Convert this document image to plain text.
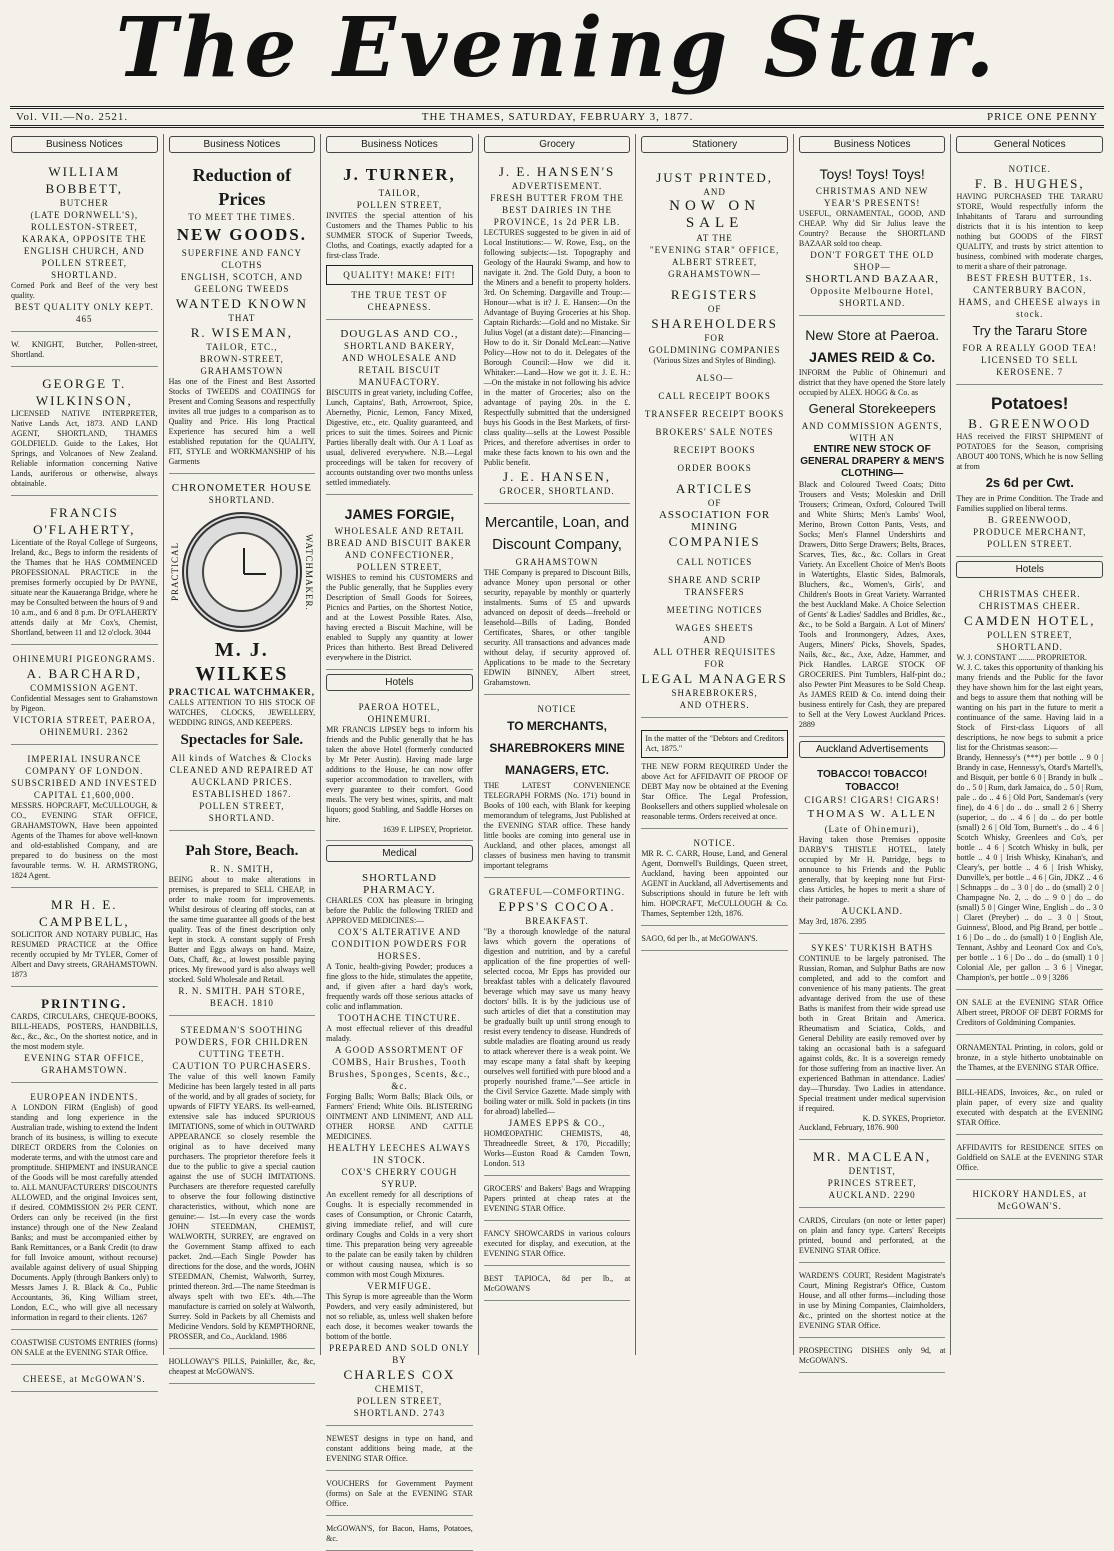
The Evening Star.
Vol. VII.—No. 2521.	THE THAMES, SATURDAY, FEBRUARY 3, 1877.	PRICE ONE PENNY
Business Notices
WILLIAM BOBBETT,
BUTCHER
(LATE DORNWELL'S),
ROLLESTON-STREET, KARAKA, OPPOSITE THE ENGLISH CHURCH, AND POLLEN STREET, SHORTLAND.
Corned Pork and Beef of the very best quality.
BEST QUALITY ONLY KEPT. 465
W. KNIGHT, Butcher, Pollen-street, Shortland.
GEORGE T. WILKINSON,
LICENSED NATIVE INTERPRETER, Native Lands Act, 1873. AND LAND AGENT, SHORTLAND, THAMES GOLDFIELD. Guide to the Lakes, Hot Springs, and Volcanoes of New Zealand. Reliable information concerning Native Lands, auriferous or otherwise, always obtainable.
FRANCIS O'FLAHERTY,
Licentiate of the Royal College of Surgeons, Ireland, &c., Begs to inform the residents of the Thames that he HAS COMMENCED PROFESSIONAL PRACTICE in the premises formerly occupied by Dr PAYNE, situate near the Kauaeranga Bridge, where he may be Consulted between the hours of 9 and 10 a.m., and 6 and 8 p.m. Dr O'FLAHERTY attends daily at Mr Cox's, Chemist, Shortland, between 11 and 12 o'clock. 3044
OHINEMURI PIGEONGRAMS.
A. BARCHARD,
COMMISSION AGENT.
Confidential Messages sent to Grahamstown by Pigeon.
VICTORIA STREET, PAEROA, OHINEMURI. 2362
IMPERIAL INSURANCE COMPANY OF LONDON.
SUBSCRIBED AND INVESTED CAPITAL £1,600,000.
MESSRS. HOPCRAFT, McCULLOUGH, & CO., EVENING STAR OFFICE, GRAHAMSTOWN, Have been appointed Agents of the Thames for above well-known and old-established Company, and are prepared to do business on the most favourable terms. W. H. ARMSTRONG, 1824 Agent.
MR H. E. CAMPBELL,
SOLICITOR AND NOTARY PUBLIC, Has RESUMED PRACTICE at the Office recently occupied by Mr TYLER, Corner of Albert and Davy streets, GRAHAMSTOWN. 1873
PRINTING.
CARDS, CIRCULARS, CHEQUE-BOOKS, BILL-HEADS, POSTERS, HANDBILLS, &c., &c., &c., On the shortest notice, and in the most modern style.
EVENING STAR OFFICE, GRAHAMSTOWN.
EUROPEAN INDENTS.
A LONDON FIRM (English) of good standing and long experience in the Australian trade, wishing to extend the Indent branch of its business, is willing to execute DIRECT ORDERS from the Colonies on moderate terms, and with the utmost care and promptitude. SHIPMENT and INSURANCE of the Goods will be most carefully attended to. ALL MANUFACTURERS' DISCOUNTS ALLOWED, and the original Invoices sent, if desired. COMMISSION 2½ PER CENT. Orders can only be received (in the first instance) through one of the New Zealand Banks; and must be accompanied either by Bank Remittances, or a Bank Credit (to draw for full Invoice amount, without recourse) available against delivery of usual Shipping Documents. Apply (through Bankers only) to Messrs James J. R. Black & Co., Public Accountants, 36, King William street, London, E.C., who will give all necessary information in regard to their clients. 1267
COASTWISE CUSTOMS ENTRIES (forms) ON SALE at the EVENING STAR Office.
CHEESE, at McGOWAN'S.
Business Notices
Reduction of Prices
TO MEET THE TIMES.
NEW GOODS.
SUPERFINE AND FANCY CLOTHS
ENGLISH, SCOTCH, AND GEELONG TWEEDS
WANTED KNOWN
THAT
R. WISEMAN,
TAILOR, ETC.,
BROWN-STREET, GRAHAMSTOWN
Has one of the Finest and Best Assorted Stocks of TWEEDS and COATINGS for Present and Coming Seasons and respectfully invites all true judges to a comparison as to Quality and Price. His long Practical Experience has secured him a well established reputation for the QUALITY, FIT, STYLE and WORKMANSHIP of his Garments
CHRONOMETER HOUSE
SHORTLAND.
PRACTICAL	WATCHMAKER.
M. J. WILKES
PRACTICAL WATCHMAKER,
CALLS ATTENTION TO HIS STOCK OF WATCHES, CLOCKS, JEWELLERY, WEDDING RINGS, AND KEEPERS.
Spectacles for Sale.
All kinds of Watches & Clocks
CLEANED AND REPAIRED AT AUCKLAND PRICES.
ESTABLISHED 1867.
POLLEN STREET, SHORTLAND.
Pah Store, Beach.
R. N. SMITH,
BEING about to make alterations in premises, is prepared to SELL CHEAP, in order to make room for improvements. Whilst desirous of clearing off stocks, can at the same time guarantee all goods of the best quality. Teas of the finest description only kept in stock. A constant supply of Fresh Butter and Eggs always on hand. Maize, Oats, Chaff, &c., at lowest possible paying prices. My firewood yard is also always well stocked. Sold Wholesale and Retail.
R. N. SMITH. PAH STORE, BEACH. 1810
STEEDMAN'S SOOTHING POWDERS, FOR CHILDREN CUTTING TEETH.
CAUTION TO PURCHASERS.
The value of this well known Family Medicine has been largely tested in all parts of the world, and by all grades of society, for upwards of FIFTY YEARS. Its well-earned, extensive sale has induced SPURIOUS IMITATIONS, some of which in OUTWARD APPEARANCE so closely resemble the original as to have deceived many purchasers. The proprietor therefore feels it due to the public to give a special caution against the use of SUCH IMITATIONS. Purchasers are therefore requested carefully to observe the four following distinctive characteristics, without, which none are genuine:— 1st.—In every case the words JOHN STEEDMAN, CHEMIST, WALWORTH, SURREY, are engraved on the Government Stamp affixed to each packet. 2nd.—Each Single Powder has directions for the dose, and the words, JOHN STEEDMAN, Chemist, Walworth, Surrey, printed thereon. 3rd.—The name Steedman is always spelt with two EE's. 4th.—The manufacture is carried on solely at Walworth, Surrey. Sold in Packets by all Chemists and Medicine Vendors. Sold by KEMPTHORNE, PROSSER, and Co., Auckland. 1986
HOLLOWAY'S PILLS, Painkiller, &c, &c, cheapest at McGOWAN'S.
Business Notices
J. TURNER,
TAILOR,
POLLEN STREET,
INVITES the special attention of his Customers and the Thames Public to his SUMMER STOCK of Superior Tweeds, Cloths, and Coatings, exactly adapted for a first-class Trade.
QUALITY! MAKE! FIT!
THE TRUE TEST OF CHEAPNESS.
DOUGLAS AND CO.,
SHORTLAND BAKERY,
AND WHOLESALE AND RETAIL BISCUIT MANUFACTORY.
BISCUITS in great variety, including Coffee, Lunch, Captains', Bath, Arrowroot, Spice, Abernethy, Picnic, Lemon, Fancy Mixed, Digestive, etc., etc. Quality guaranteed, and prices to suit the times. Soirees and Picnic Parties liberally dealt with. Our A 1 Loaf as usual, delivered everywhere. N.B.—Legal proceedings will be taken for recovery of accounts outstanding over two months unless settled immediately.
JAMES FORGIE,
WHOLESALE AND RETAIL
BREAD AND BISCUIT BAKER AND CONFECTIONER,
POLLEN STREET,
WISHES to remind his CUSTOMERS and the Public generally, that he Supplies every Description of Small Goods for Soirees, Picnics and Parties, on the Shortest Notice, and at the Lowest Possible Rates. Also, having erected a Biscuit Machine, will be enabled to Supply any quantity at lower Prices than hitherto. Best Bread Delivered everywhere in the District.
Hotels
PAEROA HOTEL, OHINEMURI.
MR FRANCIS LIPSEY begs to inform his friends and the Public generally that he has taken the above Hotel (formerly conducted by Mr Peter Austin). Having made large additions to the House, he can now offer superior accommodation to travellers, with every guarantee to their comfort. Good meals. The very best wines, spirits, and malt liquors; good Stabling, and Saddle Horses on hire.
1639 F. LIPSEY, Proprietor.
Medical
SHORTLAND PHARMACY.
CHARLES COX has pleasure in bringing before the Public the following TRIED and APPROVED MEDICINES:—
COX'S ALTERATIVE AND CONDITION POWDERS FOR HORSES.
A Tonic, health-giving Powder; produces a fine gloss to the hide, stimulates the appetite, and, if given after a hard day's work, frequently wards off those serious attacks of colic and inflammation.
TOOTHACHE TINCTURE.
A most effectual reliever of this dreadful malady.
A GOOD ASSORTMENT OF COMBS, Hair Brushes, Tooth Brushes, Sponges, Scents, &c., &c.
Forging Balls; Worm Balls; Black Oils, or Farmers' Friend; White Oils. BLISTERING OINTMENT AND LINIMENT, AND ALL OTHER HORSE AND CATTLE MEDICINES.
HEALTHY LEECHES ALWAYS IN STOCK.
COX'S CHERRY COUGH SYRUP.
An excellent remedy for all descriptions of Coughs. It is especially recommended in cases of Consumption, or Chronic Catarrh, giving immediate relief, and will cure ordinary Coughs and Colds in a very short time. This preparation being very agreeable to the palate can be easily taken by children or without causing nausea, which is so common with most Cough Mixtures.
VERMIFUGE.
This Syrup is more agreeable than the Worm Powders, and very easily administered, but not so reliable, as, unless well shaken before each dose, it becomes weaker towards the bottom of the bottle.
PREPARED AND SOLD ONLY BY
CHARLES COX
CHEMIST,
POLLEN STREET, SHORTLAND. 2743
NEWEST designs in type on hand, and constant additions being made, at the EVENING STAR Office.
VOUCHERS for Government Payment (forms) on Sale at the EVENING STAR Office.
McGOWAN'S, for Bacon, Hams, Potatoes, &c.
Grocery
J. E. HANSEN'S
ADVERTISEMENT.
FRESH BUTTER FROM THE BEST DAIRIES IN THE PROVINCE, 1s 2d PER LB.
LECTURES suggested to be given in aid of Local Institutions:— W. Rowe, Esq., on the following subjects:—1st. Topography and Geology of the Hauraki Swamp, and how to navigate it. 2nd. The Gold Duty, a boon to the Miners and a benefit to property holders. 3rd. On Scheming. Dargaville and Troup:—Honour—what is it? J. E. Hansen:—On the Advantage of Buying Groceries at his Shop. Captain Richards:—Gold and no Mistake. Sir Julius Vogel (at a distant date):—Financing—How to do it. Sir Donald McLean:—Native Policy—How not to do it. Delegates of the Borough Council:—How we did it. Whitaker:—Land—How we got it. J. E. H.:—On the mistake in not following his advice in the matter of Groceries; also on the advantage of paying 20s. in the £. Respectfully submitted that the undersigned buys his Goods in the Best Markets, of first-class quality—sells at the Lowest Possible Prices, and therefore advertises in order to make these facts known to his own and the Public benefit.
J. E. HANSEN,
GROCER, SHORTLAND.
Mercantile, Loan, and Discount Company,
GRAHAMSTOWN
THE Company is prepared to Discount Bills, advance Money upon personal or other security, repayable by monthly or quarterly instalments. Sums of £5 and upwards advanced on deposit of deeds—freehold or leasehold—Bills of Lading, Bonded Certificates, Shares, or other tangible security. All transactions and advances made without delay, if security approved of. Applications to be made to the Secretary EDWIN BINNEY, Albert street, Grahamstown.
NOTICE
TO MERCHANTS, SHAREBROKERS MINE MANAGERS, ETC.
THE LATEST CONVENIENCE TELEGRAPH FORMS (No. 171) bound in Books of 100 each, with Blank for keeping memorandum of telegrams, Just Published at the EVENING STAR office. These handy little books are coming into general use in Auckland, and other places, amongst all classes of business men having to transmit important telegrams
GRATEFUL—COMFORTING.
EPPS'S COCOA.
BREAKFAST.
"By a thorough knowledge of the natural laws which govern the operations of digestion and nutrition, and by a careful application of the fine properties of well-selected cocoa, Mr Epps has provided our breakfast tables with a delicately flavoured beverage which may save us many heavy doctors' bills. It is by the judicious use of such articles of diet that a constitution may be gradually built up until strong enough to resist every tendency to disease. Hundreds of subtle maladies are floating around us ready to attack wherever there is a weak point. We may escape many a fatal shaft by keeping ourselves well fortified with pure blood and a properly nourished frame."—See article in the Civil Service Gazette. Made simply with boiling water or milk. Sold in packets (in tins for abroad) labelled—
JAMES EPPS & CO.,
HOMŒOPATHIC CHEMISTS, 48, Threadneedle Street, & 170, Piccadilly; Works—Euston Road & Camden Town, London. 513
GROCERS' and Bakers' Bags and Wrapping Papers printed at cheap rates at the EVENING STAR Office.
FANCY SHOWCARDS in various colours executed for display, and execution, at the EVENING STAR Office.
BEST TAPIOCA, 8d per lb., at McGOWAN'S
Stationery
JUST PRINTED,
AND
NOW ON SALE
AT THE
"EVENING STAR" OFFICE,
ALBERT STREET,
GRAHAMSTOWN—
REGISTERS
OF
SHAREHOLDERS
FOR
GOLDMINING COMPANIES
(Various Sizes and Styles of Binding).
ALSO—
CALL RECEIPT BOOKS
TRANSFER RECEIPT BOOKS
BROKERS' SALE NOTES
RECEIPT BOOKS
ORDER BOOKS
ARTICLES
OF
ASSOCIATION FOR MINING
COMPANIES
CALL NOTICES
SHARE AND SCRIP TRANSFERS
MEETING NOTICES
WAGES SHEETS
AND
ALL OTHER REQUISITES
FOR
LEGAL MANAGERS
SHAREBROKERS,
AND OTHERS.
In the matter of the "Debtors and Creditors Act, 1875."
THE NEW FORM REQUIRED Under the above Act for AFFIDAVIT OF PROOF OF DEBT May now be obtained at the Evening Star Office. The Legal Profession, Booksellers and others supplied wholesale on reasonable terms. Orders received at once.
NOTICE.
MR R. C. CARR, House, Land, and General Agent, Dornwell's Buildings, Queen street, Auckland, having been appointed our AGENT in Auckland, all Advertisements and Subscriptions should in future be left with him. HOPCRAFT, McCULLOUGH & Co. Thames, September 12th, 1876.
SAGO, 6d per lb., at McGOWAN'S.
Business Notices
Toys! Toys! Toys!
CHRISTMAS AND NEW YEAR'S PRESENTS!
USEFUL, ORNAMENTAL, GOOD, AND CHEAP. Why did Sir Julius leave the Country? Because the SHORTLAND BAZAAR sold too cheap.
DON'T FORGET THE OLD SHOP—
SHORTLAND BAZAAR,
Opposite Melbourne Hotel, SHORTLAND.
New Store at Paeroa.
JAMES REID & Co.
INFORM the Public of Ohinemuri and district that they have opened the Store lately occupied by ALEX. HOGG & Co. as
General Storekeepers
AND COMMISSION AGENTS, WITH AN
ENTIRE NEW STOCK OF GENERAL DRAPERY & MEN'S CLOTHING—
Black and Coloured Tweed Coats; Ditto Trousers and Vests; Moleskin and Drill Trousers; Crimean, Oxford, Coloured Twill and White Shirts; Men's Lambs' Wool, Merino, Brown Cotton Pants, Vests, and Socks; Men's Flannel Undershirts and Drawers, Ditto Serge Drawers; Belts, Braces, Scarves, Ties, &c., &c. Collars in Great Variety. An Excellent Choice of Men's Boots in Watertights, Elastic Sides, Balmorals, Bluchers, &c., Women's, Girls', and Children's Boots in Great Variety. Warranted the best Auckland Make. A Choice Selection of Gents' & Ladies' Saddles and Bridles, &c., &c., to be Sold a Bargain. A Lot of Miners' Tools and Ironmongery, Adzes, Axes, Augers, Miners' Picks, Shovels, Spades, Nails, &c., &c., Axe, Adze, Hammer, and Pick Handles. LARGE STOCK OF GROCERIES. Pint Tumblers, Half-pint do.; also Pewter Pint Measures to be Sold Cheap. As JAMES REID & Co. intend doing their business entirely for Cash, they are prepared to Sell at the Very Lowest Auckland Prices. 2889
Auckland Advertisements
TOBACCO! TOBACCO! TOBACCO!
CIGARS! CIGARS! CIGARS!
THOMAS W. ALLEN
(Late of Ohinemuri),
Having taken those Premises opposite DARBY'S THISTLE HOTEL, lately occupied by Mr H. Patridge, begs to announce to his Friends and the Public generally, that by keeping none but First-class Articles, he hopes to merit a share of their patronage.
AUCKLAND.
May 3rd, 1876. 2395
SYKES' TURKISH BATHS
CONTINUE to be largely patronised. The Russian, Roman, and Sulphur Baths are now completed, and add to the comfort and convenience of his many patients. The great advantage derived from the use of these Baths is manifest from their wide spread use both in Great Britain and America. Rheumatism and Sciatica, Colds, and General Debility are easily removed over by taking an occasional bath is a safeguard against colds, &c. It is a sovereign remedy for those suffering from an inactive liver. An experienced Bathman in attendance. Ladies' day—Thursday. Two Ladies in attendance. Special treatment under medical supervision if required.
K. D. SYKES, Proprietor.
Auckland, February, 1876. 900
MR. MACLEAN,
DENTIST,
PRINCES STREET,
AUCKLAND. 2290
CARDS, Circulars (on note or letter paper) on plain and fancy type. Carters' Receipts printed, bound and perforated, at the EVENING STAR Office.
WARDEN'S COURT, Resident Magistrate's Court, Mining Registrar's Office, Custom House, and all other forms—including those in use by Mining Companies, Claimholders, &c., printed on the shortest notice at the EVENING STAR Office.
PROSPECTING DISHES only 9d, at McGOWAN'S.
General Notices
NOTICE.
F. B. HUGHES,
HAVING PURCHASED THE TARARU STORE, Would respectfully inform the Inhabitants of Tararu and surrounding districts that it is his intention to keep nothing but GOODS of the FIRST QUALITY, and trusts by strict attention to business, combined with moderate charges, to merit a share of their patronage.
BEST FRESH BUTTER, 1s.
CANTERBURY BACON, HAMS, and CHEESE always in stock.
Try the Tararu Store
FOR A REALLY GOOD TEA!
LICENSED TO SELL KEROSENE. 7
Potatoes!
B. GREENWOOD
HAS received the FIRST SHIPMENT of POTATOES for the Season, comprising ABOUT 400 TONS, Which he is now Selling at from
2s 6d per Cwt.
They are in Prime Condition. The Trade and Families supplied on liberal terms.
B. GREENWOOD,
PRODUCE MERCHANT, POLLEN STREET.
Hotels
CHRISTMAS CHEER. CHRISTMAS CHEER.
CAMDEN HOTEL,
POLLEN STREET, SHORTLAND.
W. J. CONSTANT ........ PROPRIETOR.
W. J. C. takes this opportunity of thanking his many friends and the Public for the favor they have shown him for the last eight years, and begs to assure them that nothing will be wanting on his part in the future to merit a continuance of the same. Having laid in a Stock of First-class Liquors of all descriptions, he now begs to submit a price list for the Christmas season:—
Brandy, Hennessy's (***) per bottle .. 9 0 | Brandy in case, Hennessy's, Otard's Martell's, and Bisquit, per bottle 6 0 | Brandy in bulk .. do .. 5 0 | Rum, dark Jamaica, do .. 5 0 | Rum, pale .. do .. 4 6 | Old Port, Sandeman's (very fine), do 4 6 | do .. do .. small 2 6 | Sherry (superior, .. do .. 4 6 | do .. do per bottle (small) 2 6 | Old Tom, Burnett's .. do .. 4 6 | Scotch Whisky, Greenlees and Co's, per bottle .. 4 6 | Scotch Whisky in bulk, per bottle .. 4 0 | Irish Whisky, Kinahan's, and Cleary's, per bottle .. 4 6 | Irish Whisky, Dunville's, per bottle .. 4 6 | Gin, JDKZ .. 4 6 | Schnapps .. do .. 3 0 | do .. do (small) 2 0 | Champagne No. 2, .. do .. 9 0 | do .. do (small) 5 0 | Ginger Wine, English .. do .. 3 0 | Claret (Preyber) .. do .. 3 0 | Stout, Guinness', Blood, and Pig Brand, per bottle .. 1 6 | Do .. do .. do (small) 1 0 | English Ale, Tennant, Ashby and Leonard Cox and Co's, per bottle .. 1 6 | Do .. do .. do (small) 1 0 | Colonial Ale, per gallon .. 3 6 | Vinegar, Champion's, per bottle .. 0 9 | 3286
ON SALE at the EVENING STAR Office Albert street, PROOF OF DEBT FORMS for Creditors of Goldmining Companies.
ORNAMENTAL Printing, in colors, gold or bronze, in a style hitherto unobtainable on the Thames, at the EVENING STAR Office.
BILL-HEADS, Invoices, &c., on ruled or plain paper, of every size and quality executed with despatch at the EVENING STAR Office.
AFFIDAVITS for RESIDENCE SITES on Goldfield on SALE at the EVENING STAR Office.
HICKORY HANDLES, at McGOWAN'S.
